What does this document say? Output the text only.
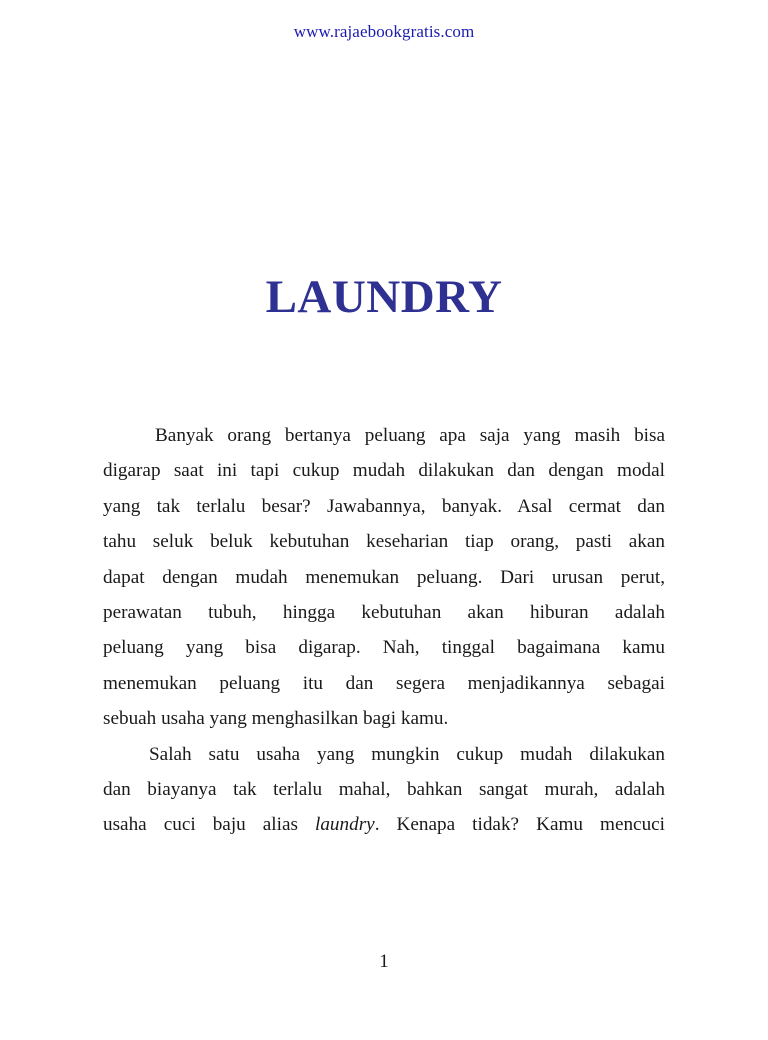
www.rajaebookgratis.com
LAUNDRY
Banyak orang bertanya peluang apa saja yang masih bisa
digarap saat ini tapi cukup mudah dilakukan dan dengan modal
yang tak terlalu besar? Jawabannya, banyak. Asal cermat dan
tahu seluk beluk kebutuhan keseharian tiap orang, pasti akan
dapat dengan mudah menemukan peluang. Dari urusan perut,
perawatan tubuh, hingga kebutuhan akan hiburan adalah
peluang yang bisa digarap. Nah, tinggal bagaimana kamu
menemukan peluang itu dan segera menjadikannya sebagai
sebuah usaha yang menghasilkan bagi kamu.
Salah satu usaha yang mungkin cukup mudah dilakukan
dan biayanya tak terlalu mahal, bahkan sangat murah, adalah
usaha cuci baju alias laundry. Kenapa tidak? Kamu mencuci
1
